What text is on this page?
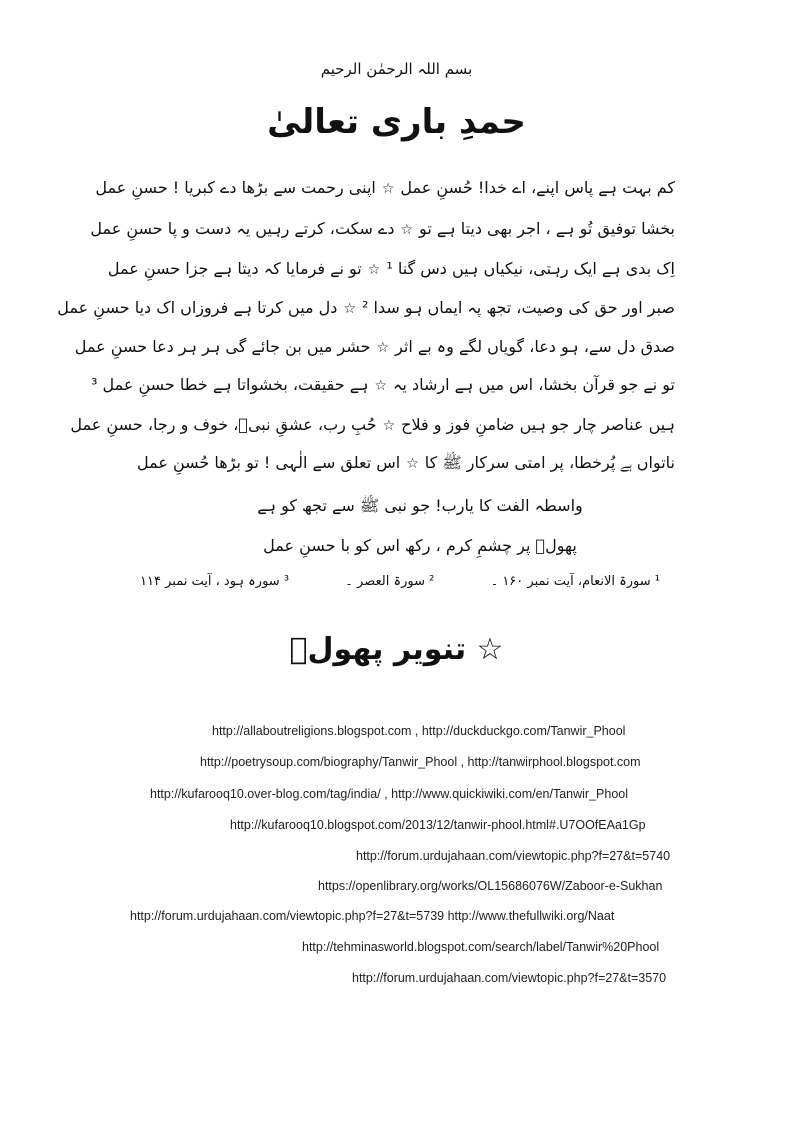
بسم اللہ الرحمٰن الرحیم
حمدِ باری تعالیٰ
کم بہت ہے پاس اپنے، اے خدا! حُسنِ عمل
☆
اپنی رحمت سے بڑھا دے کبریا ! حسنِ عمل
بخشا توفیق تُو ہے ، اجر بھی دیتا ہے تو
☆
دے سکت، کرتے رہیں یہ دست و پا حسنِ عمل
اِک بدی ہے ایک رہتی، نیکیاں ہیں دس گنا ¹
☆
تو نے فرمایا کہ دیتا ہے جزا حسنِ عمل
صبر اور حق کی وصیت، تجھ پہ ایماں ہو سدا ²
☆
دل میں کرتا ہے فروزاں اک دیا حسنِ عمل
صدق دل سے، ہو دعا، گویاں لگے وہ بے اثر
☆
حشر میں بن جائے گی ہر ہر دعا حسنِ عمل
تو نے جو قرآن بخشا، اس میں ہے ارشاد یہ
☆
ہے حقیقت، بخشواتا ہے خطا حسنِ عمل ³
ہیں عناصر چار جو ہیں ضامنِ فوز و فلاح
☆
حُبِ رب، عشقِ نبیؐ، خوف و رجا، حسنِ عمل
ناتواں ہے پُرخطا، پر امتی سرکار ﷺ کا
☆
اس تعلق سے الٰہی ! تو بڑھا حُسنِ عمل
واسطہ الفت کا یارب! جو نبی ﷺ سے تجھ کو ہے
پھولؔ پر چشمِ کرم ، رکھ اس کو با حسنِ عمل
¹ سورۃ الانعام، آیت نمبر ۱۶۰ ۔
² سورۃ العصر ۔
³ سورہ ہود ، آیت نمبر ۱۱۴
☆ تنویر پھولؔ
http://allaboutreligions.blogspot.com , http://duckduckgo.com/Tanwir_Phool
http://poetrysoup.com/biography/Tanwir_Phool , http://tanwirphool.blogspot.com
http://kufarooq10.over-blog.com/tag/india/ , http://www.quickiwiki.com/en/Tanwir_Phool
http://kufarooq10.blogspot.com/2013/12/tanwir-phool.html#.U7OOfEAa1Gp
http://forum.urdujahaan.com/viewtopic.php?f=27&t=5740
https://openlibrary.org/works/OL15686076W/Zaboor-e-Sukhan
http://forum.urdujahaan.com/viewtopic.php?f=27&t=5739 http://www.thefullwiki.org/Naat
http://tehminasworld.blogspot.com/search/label/Tanwir%20Phool
http://forum.urdujahaan.com/viewtopic.php?f=27&t=3570
